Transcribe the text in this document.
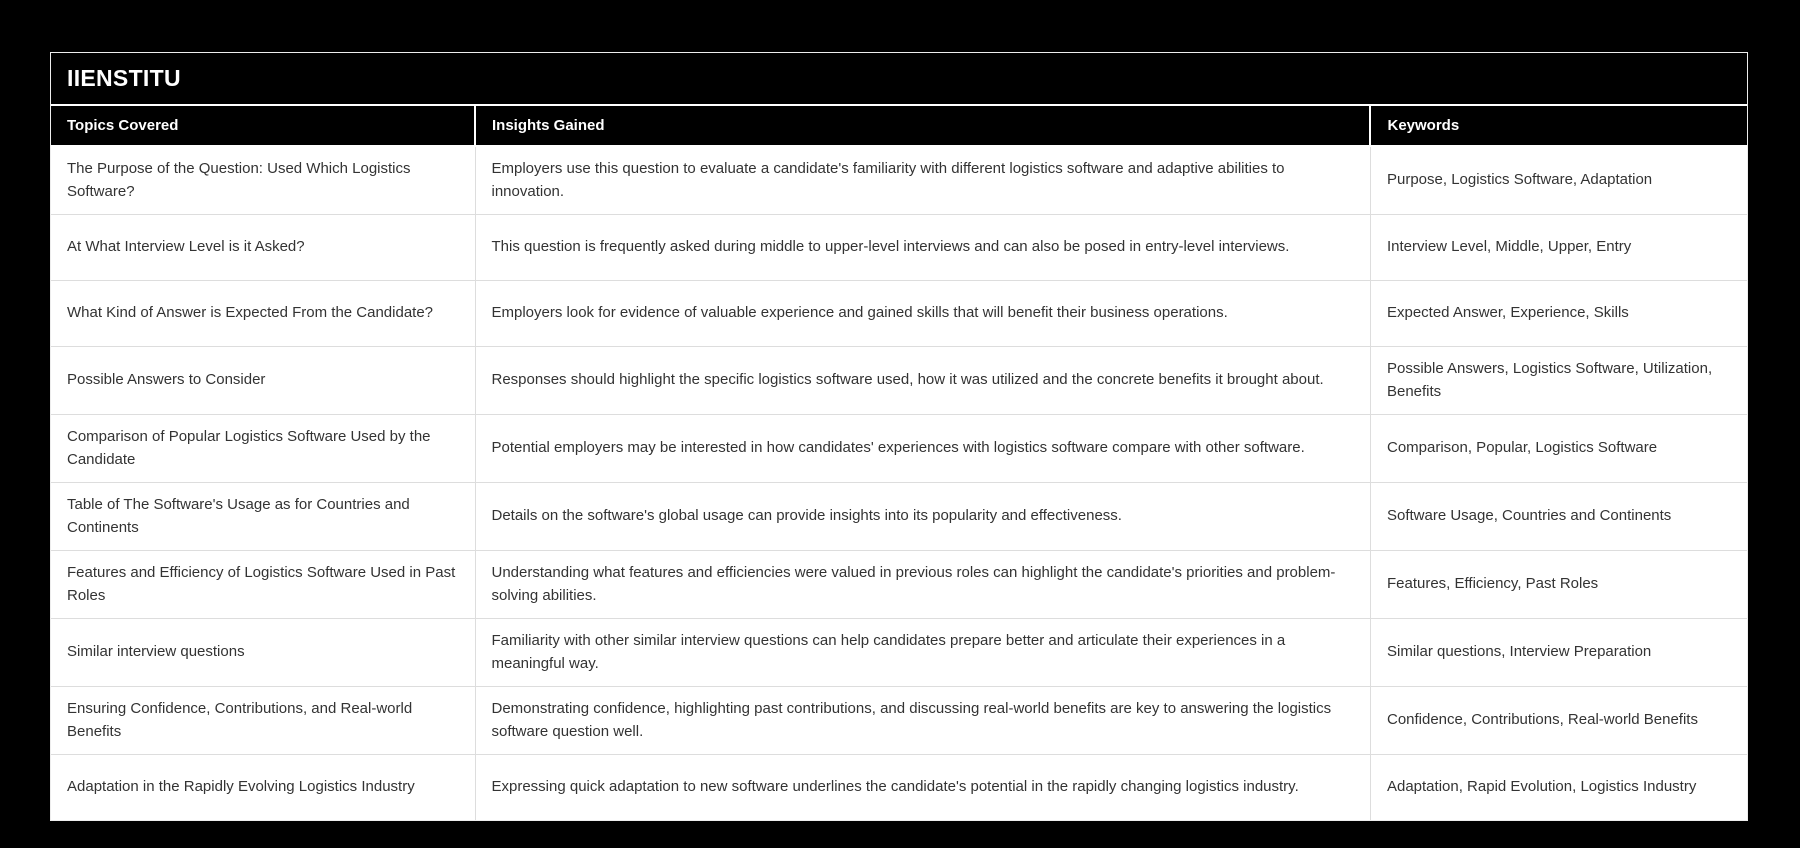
IIENSTITU
Topics Covered	Insights Gained	Keywords
The Purpose of the Question: Used Which Logistics Software?	Employers use this question to evaluate a candidate's familiarity with different logistics software and adaptive abilities to innovation.	Purpose, Logistics Software, Adaptation
At What Interview Level is it Asked?	This question is frequently asked during middle to upper-level interviews and can also be posed in entry-level interviews.	Interview Level, Middle, Upper, Entry
What Kind of Answer is Expected From the Candidate?	Employers look for evidence of valuable experience and gained skills that will benefit their business operations.	Expected Answer, Experience, Skills
Possible Answers to Consider	Responses should highlight the specific logistics software used, how it was utilized and the concrete benefits it brought about.	Possible Answers, Logistics Software, Utilization, Benefits
Comparison of Popular Logistics Software Used by the Candidate	Potential employers may be interested in how candidates' experiences with logistics software compare with other software.	Comparison, Popular, Logistics Software
Table of The Software's Usage as for Countries and Continents	Details on the software's global usage can provide insights into its popularity and effectiveness.	Software Usage, Countries and Continents
Features and Efficiency of Logistics Software Used in Past Roles	Understanding what features and efficiencies were valued in previous roles can highlight the candidate's priorities and problem-solving abilities.	Features, Efficiency, Past Roles
Similar interview questions	Familiarity with other similar interview questions can help candidates prepare better and articulate their experiences in a meaningful way.	Similar questions, Interview Preparation
Ensuring Confidence, Contributions, and Real-world Benefits	Demonstrating confidence, highlighting past contributions, and discussing real-world benefits are key to answering the logistics software question well.	Confidence, Contributions, Real-world Benefits
Adaptation in the Rapidly Evolving Logistics Industry	Expressing quick adaptation to new software underlines the candidate's potential in the rapidly changing logistics industry.	Adaptation, Rapid Evolution, Logistics Industry
